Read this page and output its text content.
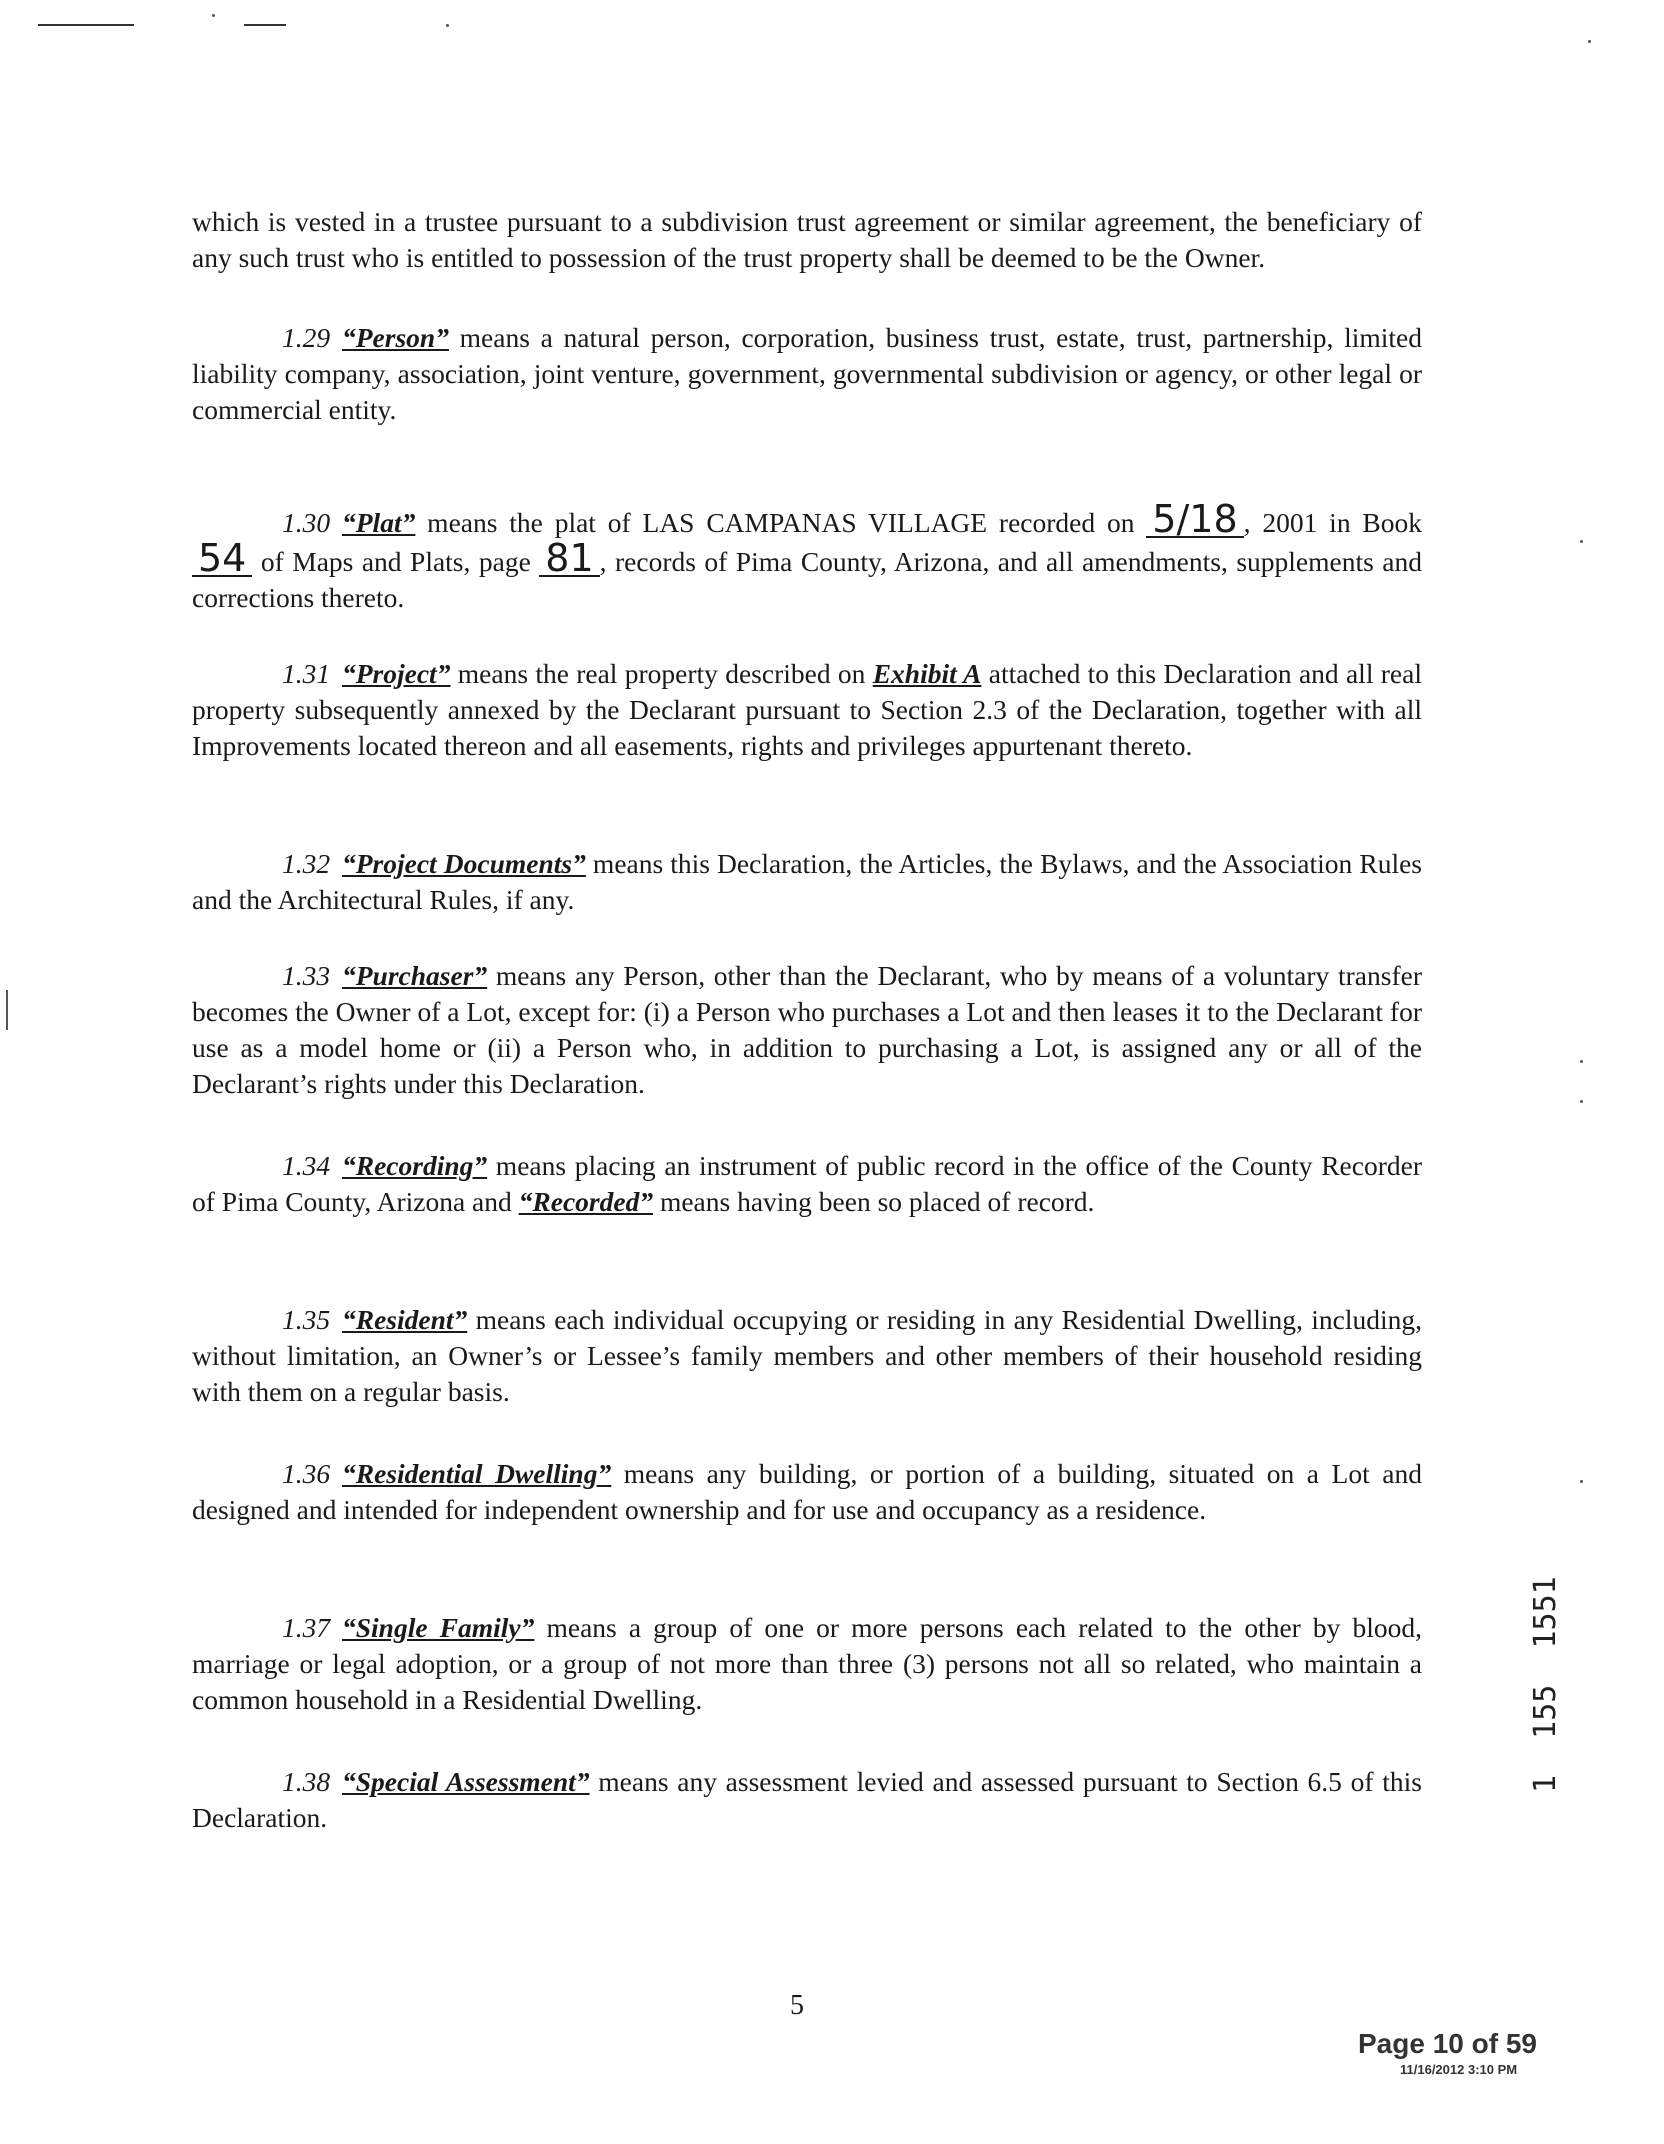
which is vested in a trustee pursuant to a subdivision trust agreement or similar agreement, the beneficiary of any such trust who is entitled to possession of the trust property shall be deemed to be the Owner.
1.29 “Person” means a natural person, corporation, business trust, estate, trust, partnership, limited liability company, association, joint venture, government, governmental subdivision or agency, or other legal or commercial entity.
1.30 “Plat” means the plat of LAS CAMPANAS VILLAGE recorded on 5/18 , 2001 in Book 54 of Maps and Plats, page 81 , records of Pima County, Arizona, and all amendments, supplements and corrections thereto.
1.31 “Project” means the real property described on Exhibit A attached to this Declaration and all real property subsequently annexed by the Declarant pursuant to Section 2.3 of the Declaration, together with all Improvements located thereon and all easements, rights and privileges appurtenant thereto.
1.32 “Project Documents” means this Declaration, the Articles, the Bylaws, and the Association Rules and the Architectural Rules, if any.
1.33 “Purchaser” means any Person, other than the Declarant, who by means of a voluntary transfer becomes the Owner of a Lot, except for: (i) a Person who purchases a Lot and then leases it to the Declarant for use as a model home or (ii) a Person who, in addition to purchasing a Lot, is assigned any or all of the Declarant’s rights under this Declaration.
1.34 “Recording” means placing an instrument of public record in the office of the County Recorder of Pima County, Arizona and “Recorded” means having been so placed of record.
1.35 “Resident” means each individual occupying or residing in any Residential Dwelling, including, without limitation, an Owner’s or Lessee’s family members and other members of their household residing with them on a regular basis.
1.36 “Residential Dwelling” means any building, or portion of a building, situated on a Lot and designed and intended for independent ownership and for use and occupancy as a residence.
1.37 “Single Family” means a group of one or more persons each related to the other by blood, marriage or legal adoption, or a group of not more than three (3) persons not all so related, who maintain a common household in a Residential Dwelling.
1.38 “Special Assessment” means any assessment levied and assessed pursuant to Section 6.5 of this Declaration.
1  155  1551
5
Page 10 of 59
11/16/2012 3:10 PM
